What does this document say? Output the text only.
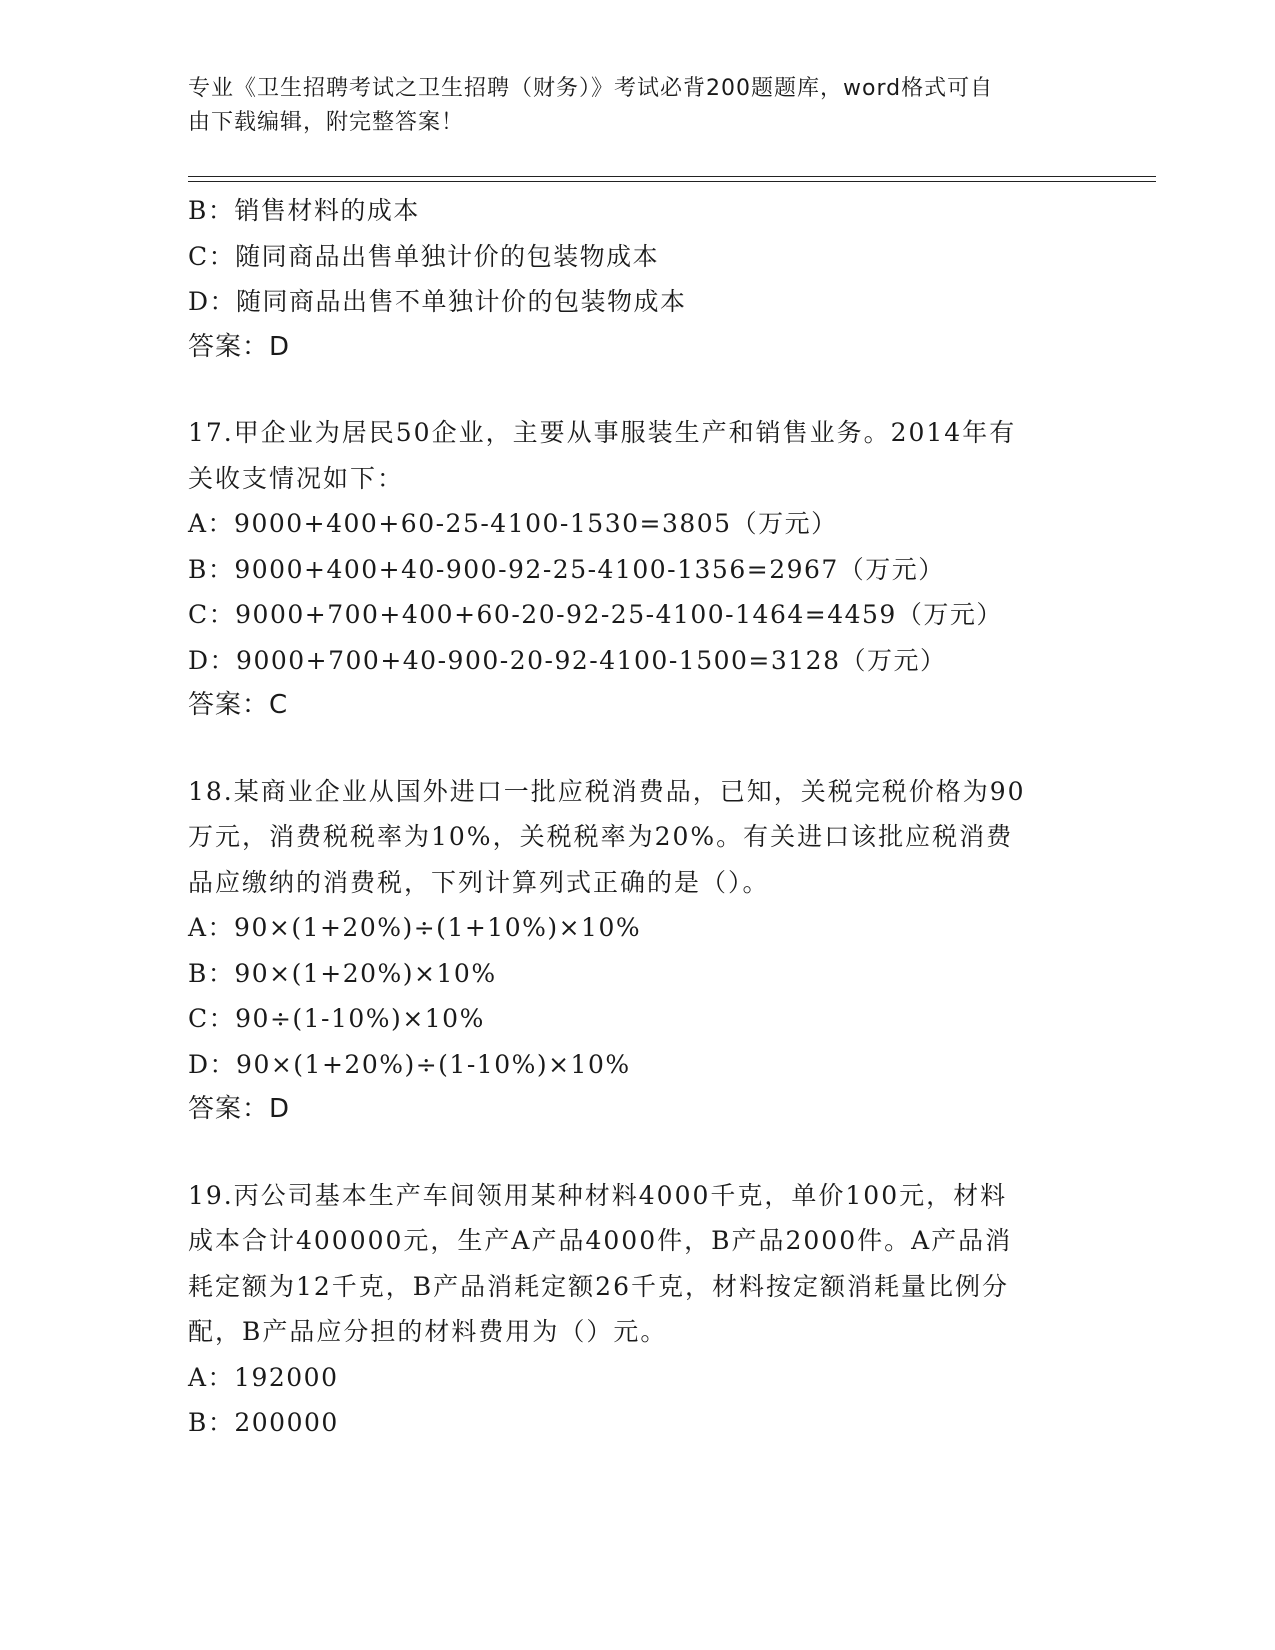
专业《卫生招聘考试之卫生招聘（财务）》考试必背200题题库，word格式可自
由下载编辑，附完整答案！
B：销售材料的成本
C：随同商品出售单独计价的包装物成本
D：随同商品出售不单独计价的包装物成本
答案：D
17.甲企业为居民50企业，主要从事服装生产和销售业务。2014年有
关收支情况如下：
A：9000+400+60-25-4100-1530=3805（万元）
B：9000+400+40-900-92-25-4100-1356=2967（万元）
C：9000+700+400+60-20-92-25-4100-1464=4459（万元）
D：9000+700+40-900-20-92-4100-1500=3128（万元）
答案：C
18.某商业企业从国外进口一批应税消费品，已知，关税完税价格为90
万元，消费税税率为10%，关税税率为20%。有关进口该批应税消费
品应缴纳的消费税，下列计算列式正确的是（）。
A：90×(1+20%)÷(1+10%)×10%
B：90×(1+20%)×10%
C：90÷(1-10%)×10%
D：90×(1+20%)÷(1-10%)×10%
答案：D
19.丙公司基本生产车间领用某种材料4000千克，单价100元，材料
成本合计400000元，生产A产品4000件，B产品2000件。A产品消
耗定额为12千克，B产品消耗定额26千克，材料按定额消耗量比例分
配，B产品应分担的材料费用为（）元。
A：192000
B：200000
